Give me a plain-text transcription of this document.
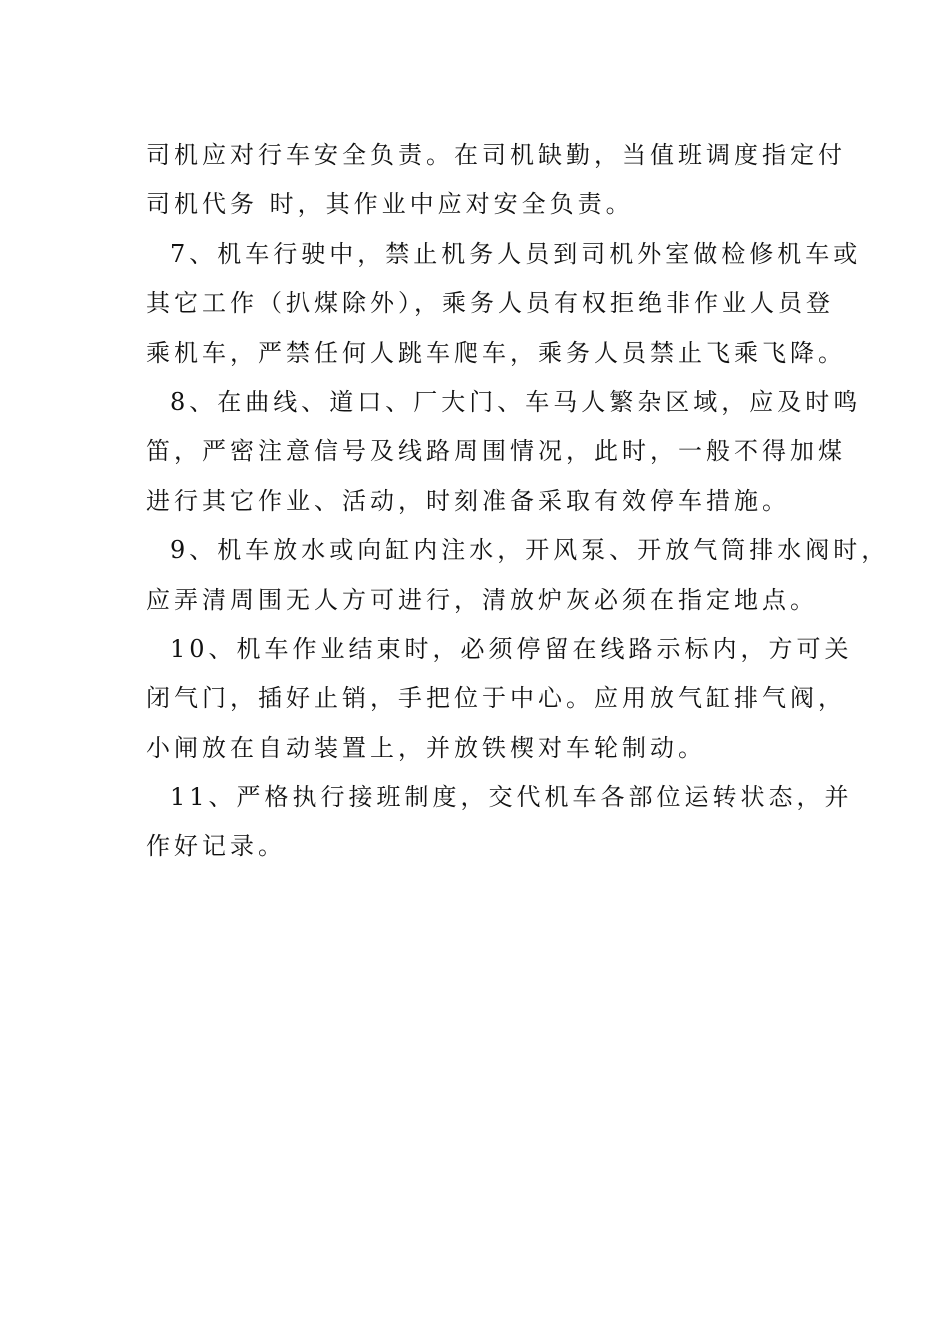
司机应对行车安全负责。在司机缺勤，当值班调度指定付
司机代务 时，其作业中应对安全负责。
7、机车行驶中，禁止机务人员到司机外室做检修机车或
其它工作（扒煤除外），乘务人员有权拒绝非作业人员登
乘机车，严禁任何人跳车爬车，乘务人员禁止飞乘飞降。
8、在曲线、道口、厂大门、车马人繁杂区域，应及时鸣
笛，严密注意信号及线路周围情况，此时，一般不得加煤
进行其它作业、活动，时刻准备采取有效停车措施。
9、机车放水或向缸内注水，开风泵、开放气筒排水阀时，
应弄清周围无人方可进行，清放炉灰必须在指定地点。
10、机车作业结束时，必须停留在线路示标内，方可关
闭气门，插好止销，手把位于中心。应用放气缸排气阀，
小闸放在自动装置上，并放铁楔对车轮制动。
11、严格执行接班制度，交代机车各部位运转状态，并
作好记录。
